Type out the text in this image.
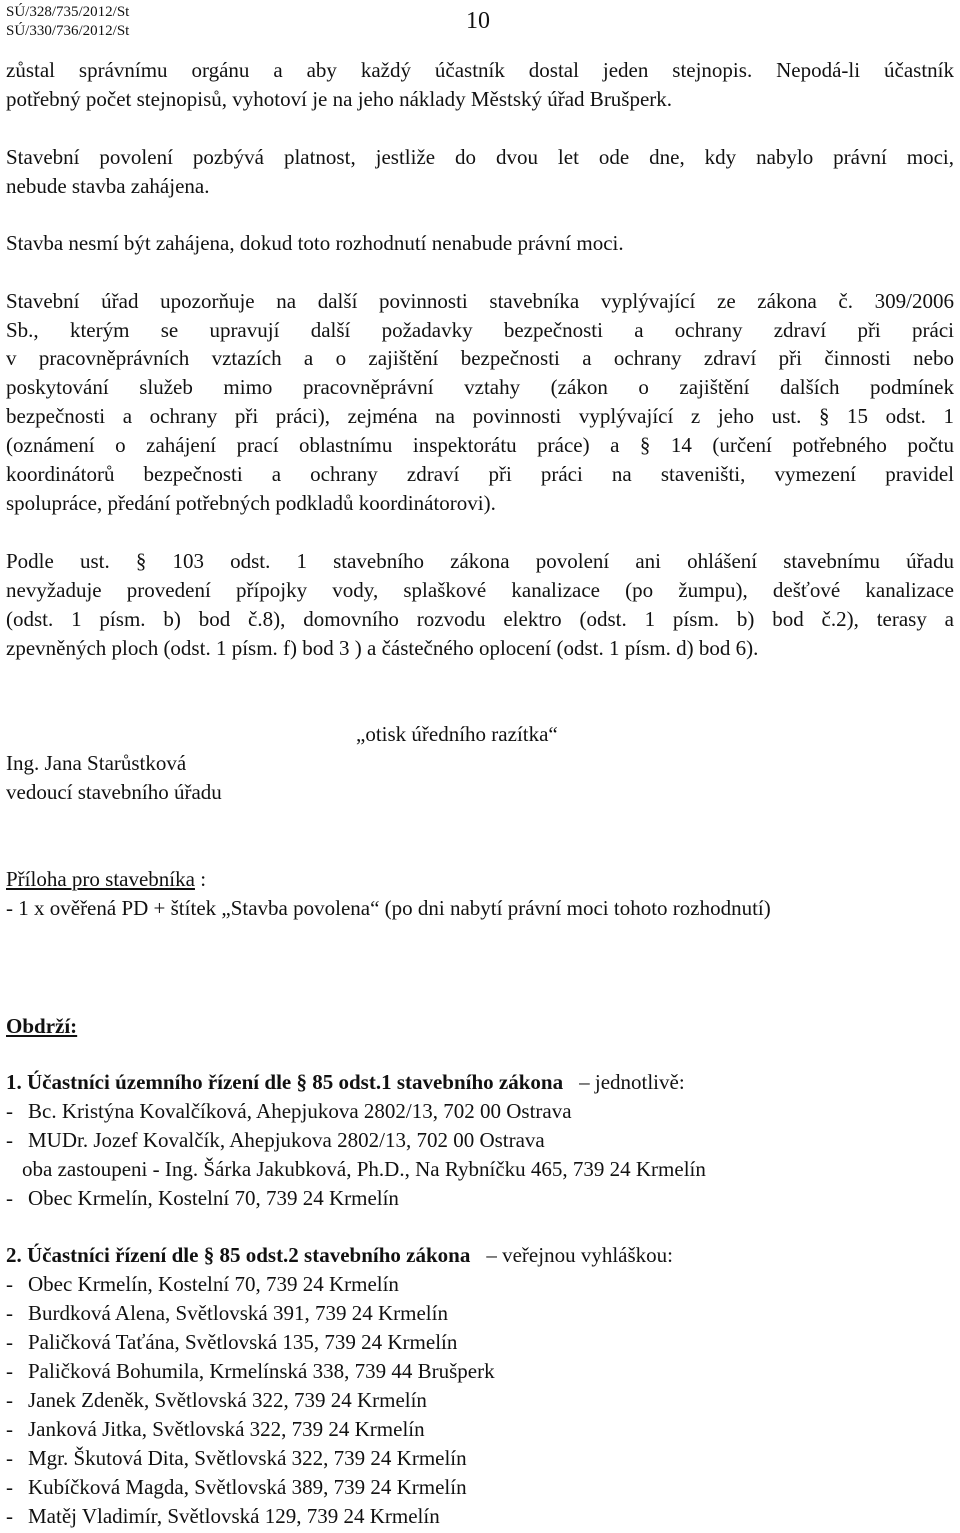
SÚ/328/735/2012/St
SÚ/330/736/2012/St	10
zůstal správnímu orgánu a aby každý účastník dostal jeden stejnopis. Nepodá-li účastník
potřebný počet stejnopisů, vyhotoví je na jeho náklady Městský úřad Brušperk.
Stavební povolení pozbývá platnost, jestliže do dvou let ode dne, kdy nabylo právní moci,
nebude stavba zahájena.
Stavba nesmí být zahájena, dokud toto rozhodnutí nenabude právní moci.
Stavební úřad upozorňuje na další povinnosti stavebníka vyplývající ze zákona č. 309/2006
Sb., kterým se upravují další požadavky bezpečnosti a ochrany zdraví při práci
v pracovněprávních vztazích a o zajištění bezpečnosti a ochrany zdraví při činnosti nebo
poskytování služeb mimo pracovněprávní vztahy (zákon o zajištění dalších podmínek
bezpečnosti a ochrany při práci), zejména na povinnosti vyplývající z jeho ust. § 15 odst. 1
(oznámení o zahájení prací oblastnímu inspektorátu práce) a § 14 (určení potřebného počtu
koordinátorů bezpečnosti a ochrany zdraví při práci na staveništi, vymezení pravidel
spolupráce, předání potřebných podkladů koordinátorovi).
Podle ust. § 103 odst. 1 stavebního zákona povolení ani ohlášení stavebnímu úřadu
nevyžaduje provedení přípojky vody, splaškové kanalizace (po žumpu), dešťové kanalizace
(odst. 1 písm. b) bod č.8), domovního rozvodu elektro (odst. 1 písm. b) bod č.2), terasy a
zpevněných ploch (odst. 1 písm. f) bod 3 ) a částečného oplocení (odst. 1 písm. d) bod 6).
„otisk úředního razítka“
Ing. Jana Starůstková
vedoucí stavebního úřadu
Příloha pro stavebníka :
- 1 x ověřená PD + štítek „Stavba povolena“ (po dni nabytí právní moci tohoto rozhodnutí)
Obdrží:
1. Účastníci územního řízení dle § 85 odst.1 stavebního zákona – jednotlivě:
- Bc. Kristýna Kovalčíková, Ahepjukova 2802/13, 702 00 Ostrava
- MUDr. Jozef Kovalčík, Ahepjukova 2802/13, 702 00 Ostrava
oba zastoupeni - Ing. Šárka Jakubková, Ph.D., Na Rybníčku 465, 739 24 Krmelín
- Obec Krmelín, Kostelní 70, 739 24 Krmelín
2. Účastníci řízení dle § 85 odst.2 stavebního zákona – veřejnou vyhláškou:
- Obec Krmelín, Kostelní 70, 739 24 Krmelín
- Burdková Alena, Světlovská 391, 739 24 Krmelín
- Paličková Taťána, Světlovská 135, 739 24 Krmelín
- Paličková Bohumila, Krmelínská 338, 739 44 Brušperk
- Janek Zdeněk, Světlovská 322, 739 24 Krmelín
- Janková Jitka, Světlovská 322, 739 24 Krmelín
- Mgr. Škutová Dita, Světlovská 322, 739 24 Krmelín
- Kubíčková Magda, Světlovská 389, 739 24 Krmelín
- Matěj Vladimír, Světlovská 129, 739 24 Krmelín
